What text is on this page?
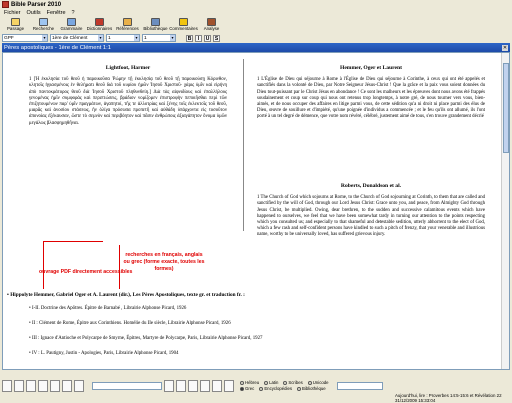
Bible Parser 2010
Fichier Outils Fenêtre ?
Passage Recherche Grammaire Dictionnaires Références Bibliothèque Commentaires Analyse
GPF	▾	1ère de Clément	▾	1	▾	1	▾	B	I	U	S
Pères apostoliques - 1ère de Clément 1:1	✕
Lightfoot, Harmer

1 [Ἡ ἐκκλησία τοῦ θεοῦ ἡ παροικοῦσα Ῥώμην τῇ ἐκκλησίᾳ τοῦ θεοῦ τῇ παροικούσῃ Κόρινθον, κλητοῖς ἡγιασμένοις ἐν θελήματι θεοῦ διὰ τοῦ κυρίου ἡμῶν Ἰησοῦ Χριστοῦ· χάρις ὑμῖν καὶ εἰρήνη ἀπὸ παντοκράτορος θεοῦ διὰ Ἰησοῦ Χριστοῦ πληθυνθείη.] Διὰ τὰς αἰφνιδίους καὶ ἐπαλλήλους γενομένας ἡμῖν συμφορὰς καὶ περιπτώσεις, βράδιον νομίζομεν ἐπιστροφὴν πεποιῆσθαι περὶ τῶν ἐπιζητουμένων παρ' ὑμῖν πραγμάτων, ἀγαπητοί, τῆς τε ἀλλοτρίας καὶ ξένης τοῖς ἐκλεκτοῖς τοῦ θεοῦ, μιαρᾶς καὶ ἀνοσίου στάσεως, ἣν ὀλίγα πρόσωπα προπετῆ καὶ αὐθάδη ὑπάρχοντα εἰς τοσοῦτον ἀπονοίας ἐξέκαυσαν, ὥστε τὸ σεμνὸν καὶ περιβόητον καὶ πᾶσιν ἀνθρώποις ἀξιαγάπητον ὄνομα ὑμῶν μεγάλως βλασφημηθῆναι.

Hemmer, Oger et Laurent

1 L'Église de Dieu qui séjourne à Rome à l'Église de Dieu qui séjourne à Corinthe, à ceux qui ont été appelés et sanctifiés dans la volonté de Dieu, par Notre Seigneur Jésus-Christ ! Que la grâce et la paix vous soient données du Dieu tout-puissant par le Christ Jésus en abondance ! Ce sont les malheurs et les épreuves dont nous avons été frappés soudainement et coup sur coup qui nous ont retenus trop longtemps, à notre gré, de nous tourner vers vous, bien-aimés, et de nous occuper des affaires en litige parmi vous, de cette sédition qu'a ni droit ni place parmi des élus de Dieu, œuvre de souillure et d'impiété, qu'une poignée d'individus a commencée ; et le feu qu'ils ont allumé, ils l'ont porté à un tel degré de démence, que votre nom révéré, célébré, justement aimé de tous, s'en trouve grandement décrié

Roberts, Donaldson et al.

1 The Church of God which sojourns at Rome, to the Church of God sojourning at Corinth, to them that are called and sanctified by the will of God, through our Lord Jesus Christ: Grace unto you, and peace, from Almighty God through Jesus Christ, be multiplied. Owing, dear brethren, to the sudden and successive calamitous events which have happened to ourselves, we feel that we have been somewhat tardy in turning our attention to the points respecting which you consulted us; and especially to that shameful and detestable sedition, utterly abhorrent to the elect of God, which a few rash and self-confident persons have kindled to such a pitch of frenzy, that your venerable and illustrious name, worthy to be universally loved, has suffered grievous injury.

ouvrage PDF directement accessibles
recherches en français, anglais ou grec (forme exacte, toutes les formes)

• Hippolyte Hemmer, Gabriel Oger et A. Laurent (dir.), Les Pères Apostoliques, texte gr. et traduction fr. :

• I-II. Doctrine des Apôtres. Épitre de Barnabé , Librairie Alphonse Picard, 1926
• II : Clément de Rome, Épitre aux Corinthiens. Homélie du IIe siècle, Librairie Alphonse Picard, 1926
• III : Ignace d'Antioche et Polycarpe de Smyrne, Épitres, Martyre de Polycarpe, Paris, Librairie Alphonse Picard, 1927
• IV : L. Pautigny, Justin - Apologies, Paris, Librairie Alphonse Picard, 1904
Hébreu	Latin	Scribes	Unicode
Grec	Encyclopédies	Bibliothèque
Aujourd'hui, lire : Proverbes 14:5-15:6 et Révélation 22 31/12/2009 15:33:04
